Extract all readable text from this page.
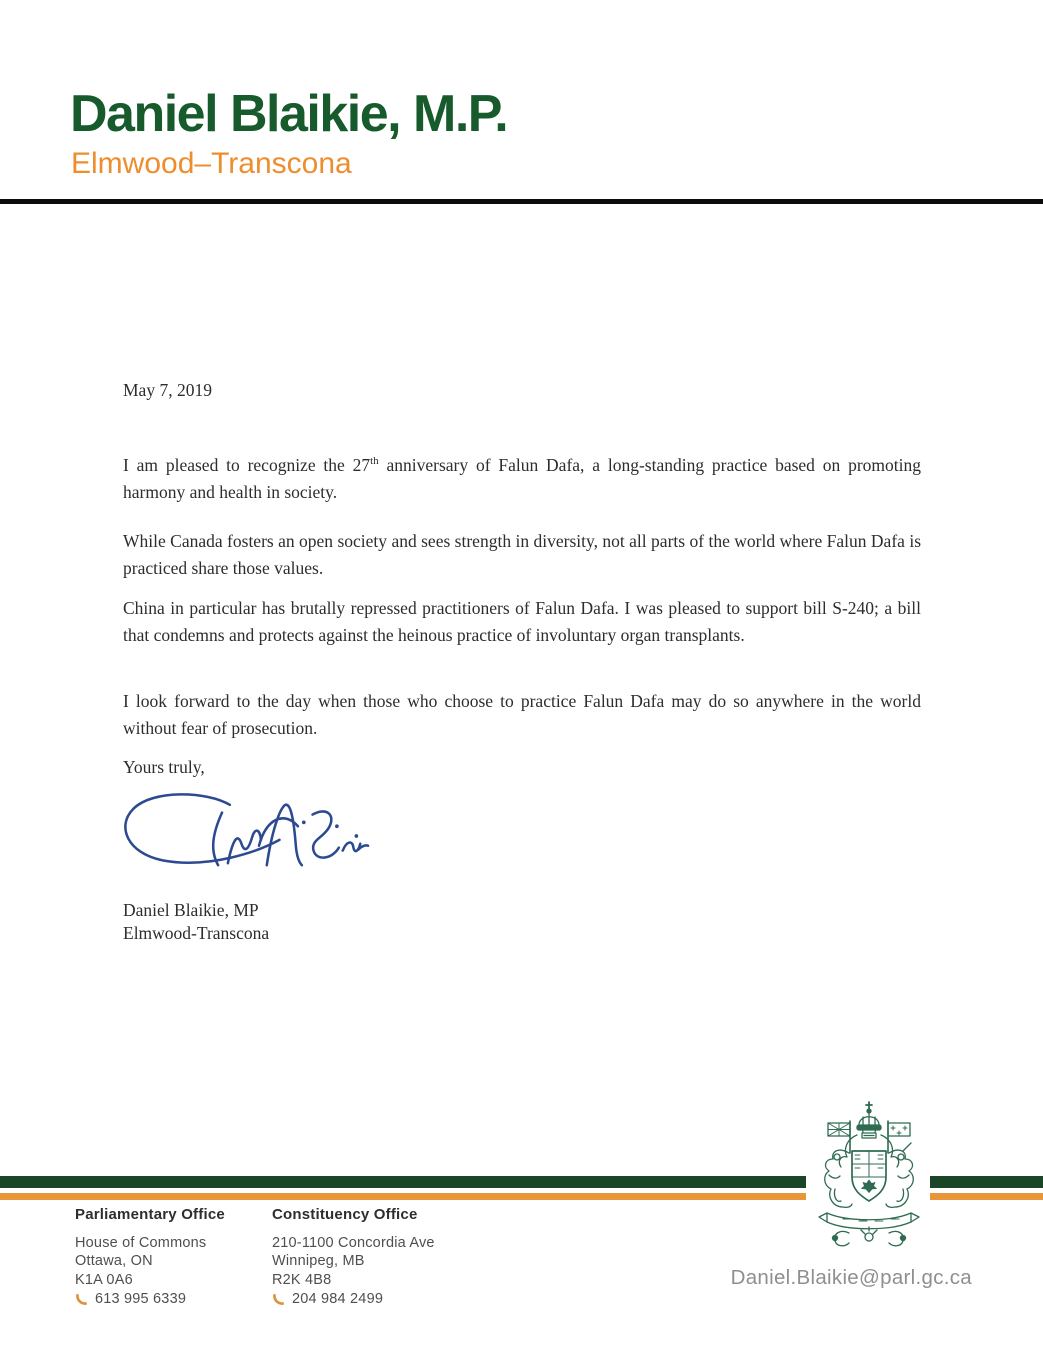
Daniel Blaikie, M.P.
Elmwood–Transcona
May 7, 2019

I am pleased to recognize the 27th anniversary of Falun Dafa, a long-standing practice based on promoting harmony and health in society.

While Canada fosters an open society and sees strength in diversity, not all parts of the world where Falun Dafa is practiced share those values.

China in particular has brutally repressed practitioners of Falun Dafa. I was pleased to support bill S-240; a bill that condemns and protects against the heinous practice of involuntary organ transplants.

I look forward to the day when those who choose to practice Falun Dafa may do so anywhere in the world without fear of prosecution.

Yours truly,
Daniel Blaikie, MP
Elmwood-Transcona
Parliamentary Office
House of Commons
Ottawa, ON
K1A 0A6
613 995 6339
Constituency Office
210-1100 Concordia Ave
Winnipeg, MB
R2K 4B8
204 984 2499
Daniel.Blaikie@parl.gc.ca
